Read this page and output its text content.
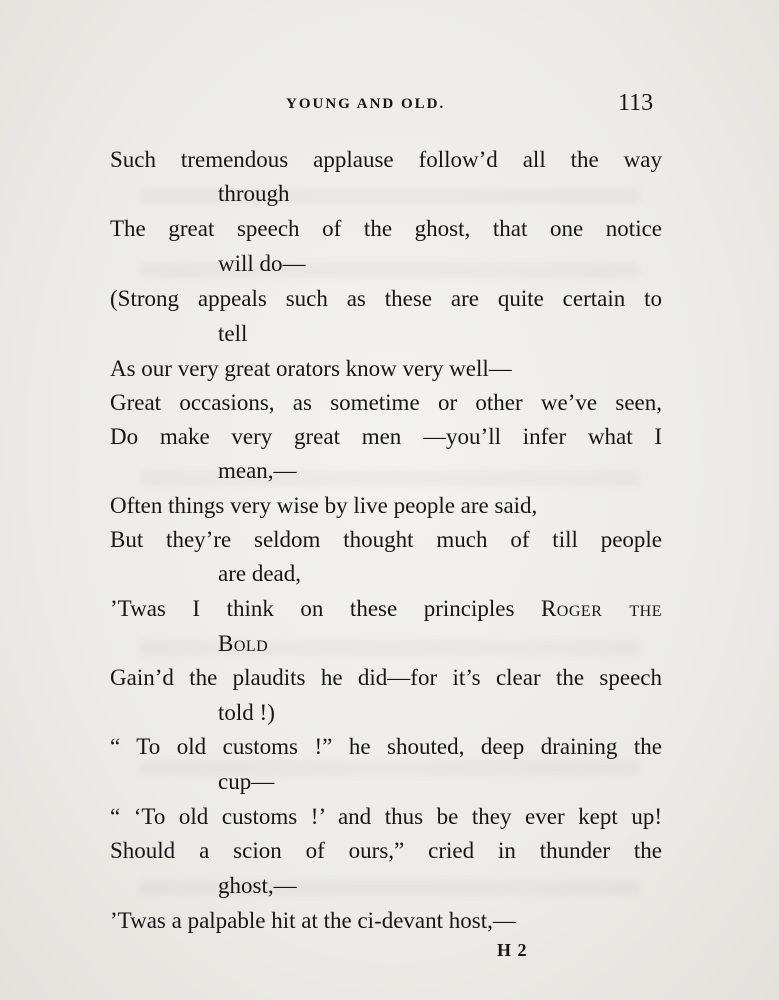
YOUNG AND OLD.	113
Such tremendous applause follow’d all the way
through
The great speech of the ghost, that one notice
will do—
(Strong appeals such as these are quite certain to
tell
As our very great orators know very well—
Great occasions, as sometime or other we’ve seen,
Do make very great men —you’ll infer what I
mean,—
Often things very wise by live people are said,
But they’re seldom thought much of till people
are dead,
’Twas I think on these principles Roger the
Bold
Gain’d the plaudits he did—for it’s clear the speech
told !)
“ To old customs !” he shouted, deep draining the
cup—
“ ‘To old customs !’ and thus be they ever kept up!
Should a scion of ours,” cried in thunder the
ghost,—
’Twas a palpable hit at the ci-devant host,—
H 2
